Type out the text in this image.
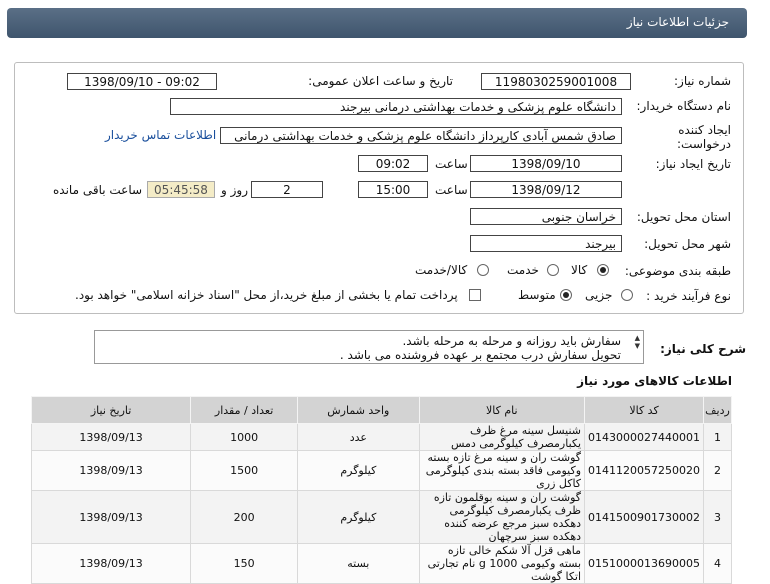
جزئیات اطلاعات نیاز
شماره نیاز:
1198030259001008
تاریخ و ساعت اعلان عمومی:
1398/09/10 - 09:02
نام دستگاه خریدار:
دانشگاه علوم پزشکی و خدمات بهداشتی درمانی بیرجند
ایجاد کننده درخواست:
صادق شمس آبادی کارپرداز دانشگاه علوم پزشکی و خدمات بهداشتی درمانی
اطلاعات تماس خریدار
تاریخ ایجاد نیاز:
1398/09/10
ساعت
09:02
1398/09/12
ساعت
15:00
2
روز و
05:45:58
ساعت باقی مانده
استان محل تحویل:
خراسان جنوبی
شهر محل تحویل:
بیرجند
طبقه بندی موضوعی:
کالا
خدمت
کالا/خدمت
نوع فرآیند خرید :
جزیی
متوسط
پرداخت تمام یا بخشی از مبلغ خرید،از محل "اسناد خزانه اسلامی" خواهد بود.
شرح کلی نیاز:
سفارش باید روزانه و مرحله به مرحله باشد.
تحویل سفارش درب مجتمع بر عهده فروشنده می باشد .
▲
▼
اطلاعات کالاهای مورد نیاز
ردیف	کد کالا	نام کالا	واحد شمارش	تعداد / مقدار	تاریخ نیاز
1	0143000027440001	شنیسل سینه مرغ ظرف یکبارمصرف کیلوگرمی دمس	عدد	1000	1398/09/13
2	0141120057250020	گوشت ران و سینه مرغ تازه بسته وکیومی فاقد بسته بندی کیلوگرمی کاکل زری	کیلوگرم	1500	1398/09/13
3	0141500901730002	گوشت ران و سینه بوقلمون تازه ظرف یکبارمصرف کیلوگرمی دهکده سبز مرجع عرضه کننده دهکده سبز سرچهان	کیلوگرم	200	1398/09/13
4	0151000013690005	ماهی قزل آلا شکم خالی تازه بسته وکیومی 1000 g نام تجارتی اتکا گوشت	بسته	150	1398/09/13
